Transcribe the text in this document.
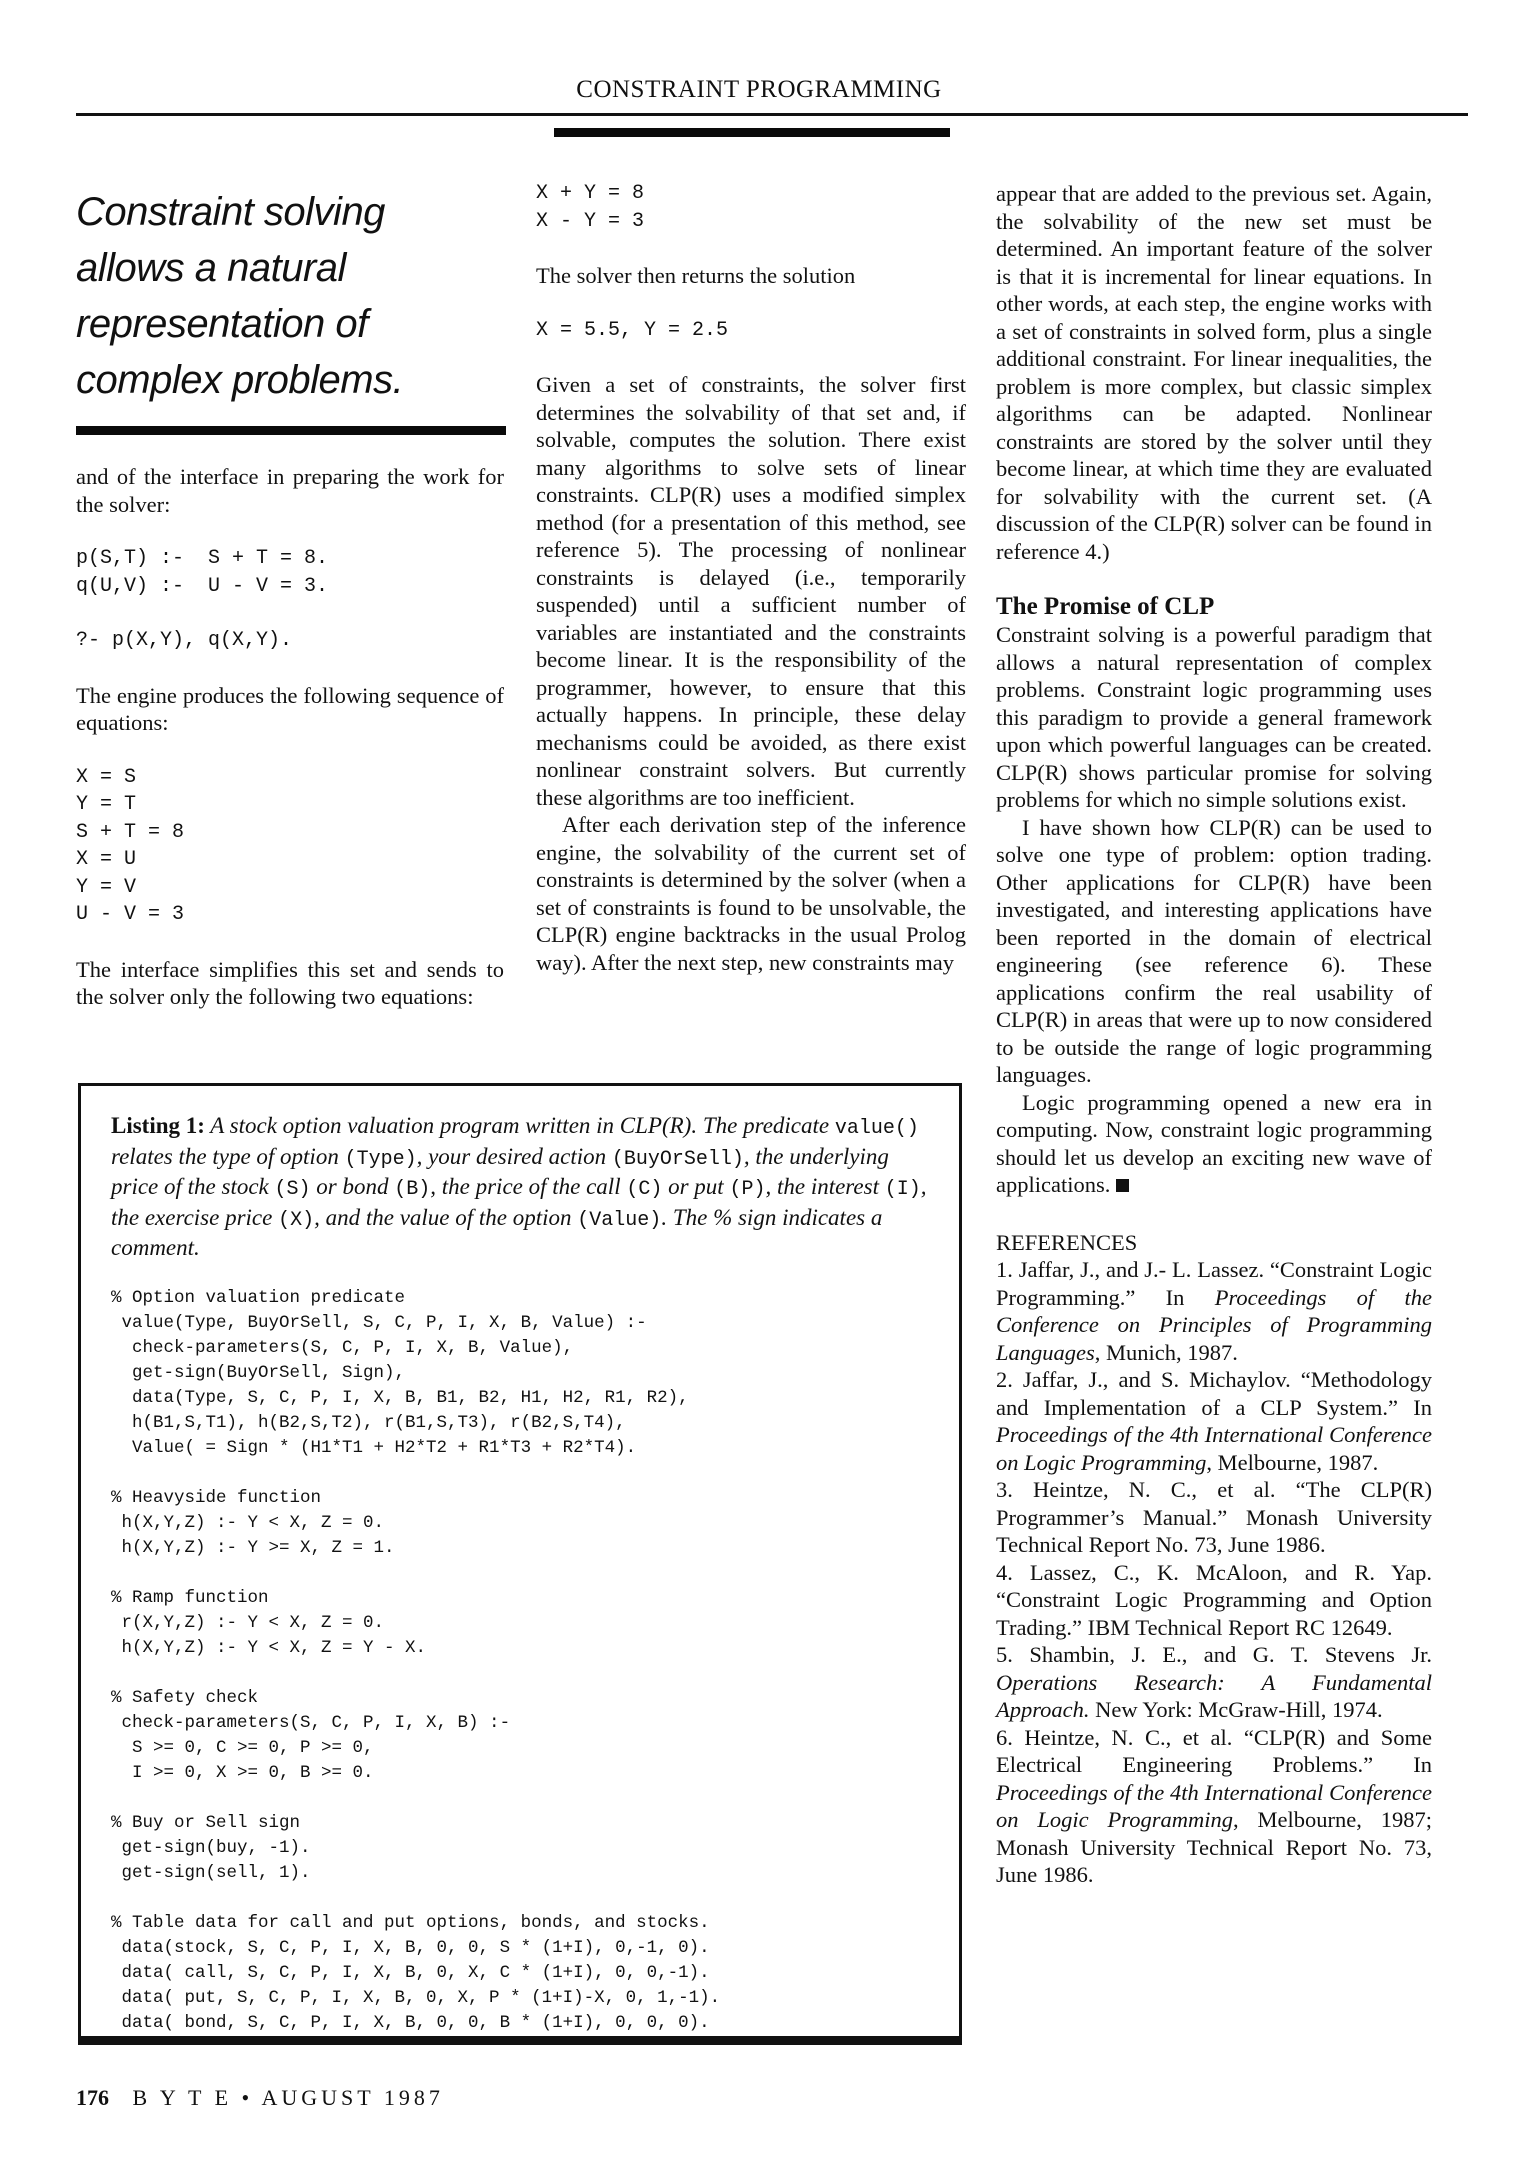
CONSTRAINT PROGRAMMING
Constraint solving
allows a natural
representation of
complex problems.

and of the interface in preparing the work for the solver:

p(S,T) :-  S + T = 8.
q(U,V) :-  U - V = 3.
?- p(X,Y), q(X,Y).

The engine produces the following sequence of equations:

X = S
Y = T
S + T = 8
X = U
Y = V
U - V = 3

The interface simplifies this set and sends to the solver only the following two equations:

X + Y = 8
X - Y = 3

The solver then returns the solution

X = 5.5, Y = 2.5

Given a set of constraints, the solver first determines the solvability of that set and, if solvable, computes the solution. There exist many algorithms to solve sets of linear constraints. CLP(R) uses a modified simplex method (for a presentation of this method, see reference 5). The processing of nonlinear constraints is delayed (i.e., temporarily suspended) until a sufficient number of variables are instantiated and the constraints become linear. It is the responsibility of the programmer, however, to ensure that this actually happens. In principle, these delay mechanisms could be avoided, as there exist nonlinear constraint solvers. But currently these algorithms are too inefficient.

After each derivation step of the inference engine, the solvability of the current set of constraints is determined by the solver (when a set of constraints is found to be unsolvable, the CLP(R) engine backtracks in the usual Prolog way). After the next step, new constraints may

appear that are added to the previous set. Again, the solvability of the new set must be determined. An important feature of the solver is that it is incremental for linear equations. In other words, at each step, the engine works with a set of constraints in solved form, plus a single additional constraint. For linear inequalities, the problem is more complex, but classic simplex algorithms can be adapted. Nonlinear constraints are stored by the solver until they become linear, at which time they are evaluated for solvability with the current set. (A discussion of the CLP(R) solver can be found in reference 4.)

The Promise of CLP

Constraint solving is a powerful paradigm that allows a natural representation of complex problems. Constraint logic programming uses this paradigm to provide a general framework upon which powerful languages can be created. CLP(R) shows particular promise for solving problems for which no simple solutions exist.

I have shown how CLP(R) can be used to solve one type of problem: option trading. Other applications for CLP(R) have been investigated, and interesting applications have been reported in the domain of electrical engineering (see reference 6). These applications confirm the real usability of CLP(R) in areas that were up to now considered to be outside the range of logic programming languages.

Logic programming opened a new era in computing. Now, constraint logic programming should let us develop an exciting new wave of applications.

REFERENCES

1. Jaffar, J., and J.- L. Lassez. “Constraint Logic Programming.” In Proceedings of the Conference on Principles of Programming Languages, Munich, 1987.

2. Jaffar, J., and S. Michaylov. “Methodology and Implementation of a CLP System.” In Proceedings of the 4th International Conference on Logic Programming, Melbourne, 1987.

3. Heintze, N. C., et al. “The CLP(R) Programmer’s Manual.” Monash University Technical Report No. 73, June 1986.

4. Lassez, C., K. McAloon, and R. Yap. “Constraint Logic Programming and Option Trading.” IBM Technical Report RC 12649.

5. Shambin, J. E., and G. T. Stevens Jr. Operations Research: A Fundamental Approach. New York: McGraw-Hill, 1974.

6. Heintze, N. C., et al. “CLP(R) and Some Electrical Engineering Problems.” In Proceedings of the 4th International Conference on Logic Programming, Melbourne, 1987; Monash University Technical Report No. 73, June 1986.

Listing 1: A stock option valuation program written in CLP(R). The predicate value() relates the type of option (Type), your desired action (BuyOrSell), the underlying price of the stock (S) or bond (B), the price of the call (C) or put (P), the interest (I), the exercise price (X), and the value of the option (Value). The % sign indicates a comment.
% Option valuation predicate
value(Type, BuyOrSell, S, C, P, I, X, B, Value) :-
check-parameters(S, C, P, I, X, B, Value),
get-sign(BuyOrSell, Sign),
data(Type, S, C, P, I, X, B, B1, B2, H1, H2, R1, R2),
h(B1,S,T1), h(B2,S,T2), r(B1,S,T3), r(B2,S,T4),
Value( = Sign * (H1*T1 + H2*T2 + R1*T3 + R2*T4).
% Heavyside function
h(X,Y,Z) :- Y < X, Z = 0.
h(X,Y,Z) :- Y >= X, Z = 1.
% Ramp function
r(X,Y,Z) :- Y < X, Z = 0.
h(X,Y,Z) :- Y < X, Z = Y - X.
% Safety check
check-parameters(S, C, P, I, X, B) :-
S >= 0, C >= 0, P >= 0,
I >= 0, X >= 0, B >= 0.
% Buy or Sell sign
get-sign(buy, -1).
get-sign(sell, 1).
% Table data for call and put options, bonds, and stocks.
data(stock, S, C, P, I, X, B, 0, 0, S * (1+I), 0,-1, 0).
data( call, S, C, P, I, X, B, 0, X, C * (1+I), 0, 0,-1).
data( put, S, C, P, I, X, B, 0, X, P * (1+I)-X, 0, 1,-1).
data( bond, S, C, P, I, X, B, 0, 0, B * (1+I), 0, 0, 0).
176 B Y T E • AUGUST 1987
